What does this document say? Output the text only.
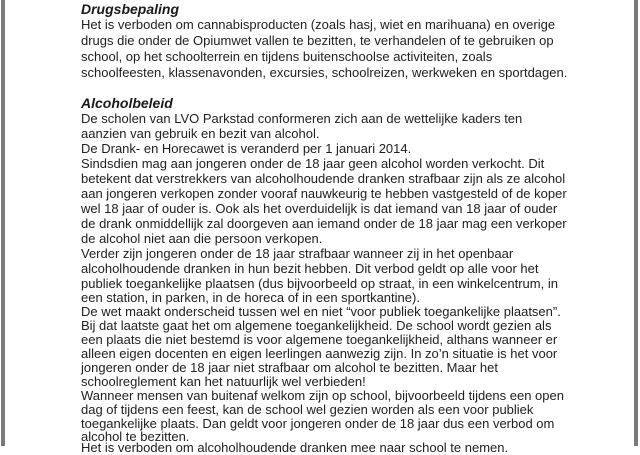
Drugsbepaling
Het is verboden om cannabisproducten (zoals hasj, wiet en marihuana) en overige
drugs die onder de Opiumwet vallen te bezitten, te verhandelen of te gebruiken op
school, op het schoolterrein en tijdens buitenschoolse activiteiten, zoals
schoolfeesten, klassenavonden, excursies, schoolreizen, werkweken en sportdagen.
Alcoholbeleid
De scholen van LVO Parkstad conformeren zich aan de wettelijke kaders ten
aanzien van gebruik en bezit van alcohol.
De Drank- en Horecawet is veranderd per 1 januari 2014.
Sindsdien mag aan jongeren onder de 18 jaar geen alcohol worden verkocht. Dit
betekent dat verstrekkers van alcoholhoudende dranken strafbaar zijn als ze alcohol
aan jongeren verkopen zonder vooraf nauwkeurig te hebben vastgesteld of de koper
wel 18 jaar of ouder is. Ook als het overduidelijk is dat iemand van 18 jaar of ouder
de drank onmiddellijk zal doorgeven aan iemand onder de 18 jaar mag een verkoper
de alcohol niet aan die persoon verkopen.
Verder zijn jongeren onder de 18 jaar strafbaar wanneer zij in het openbaar
alcoholhoudende dranken in hun bezit hebben. Dit verbod geldt op alle voor het
publiek toegankelijke plaatsen (dus bijvoorbeeld op straat, in een winkelcentrum, in
een station, in parken, in de horeca of in een sportkantine).
De wet maakt onderscheid tussen wel en niet “voor publiek toegankelijke plaatsen”.
Bij dat laatste gaat het om algemene toegankelijkheid. De school wordt gezien als
een plaats die niet bestemd is voor algemene toegankelijkheid, althans wanneer er
alleen eigen docenten en eigen leerlingen aanwezig zijn. In zo’n situatie is het voor
jongeren onder de 18 jaar niet strafbaar om alcohol te bezitten. Maar het
schoolreglement kan het natuurlijk wel verbieden!
Wanneer mensen van buitenaf welkom zijn op school, bijvoorbeeld tijdens een open
dag of tijdens een feest, kan de school wel gezien worden als een voor publiek
toegankelijke plaats. Dan geldt voor jongeren onder de 18 jaar dus een verbod om
alcohol te bezitten.
Het is verboden om alcoholhoudende dranken mee naar school te nemen.
